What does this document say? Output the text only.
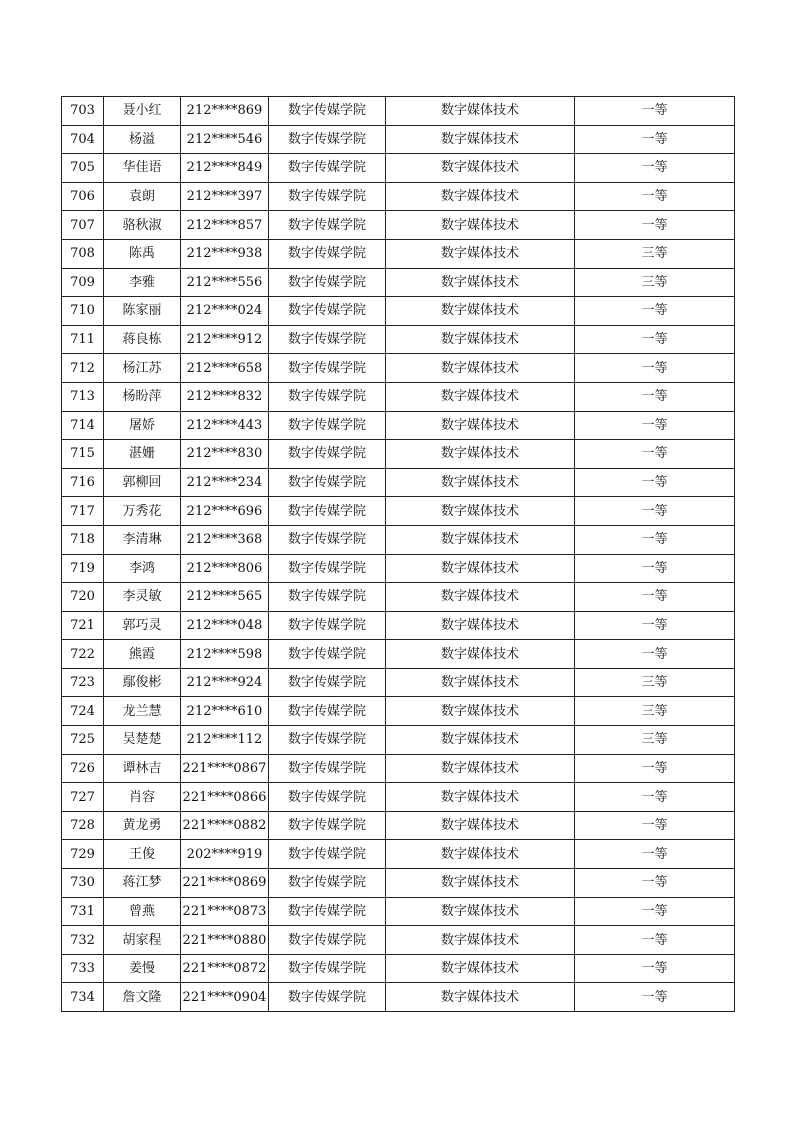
703	聂小红	212****869	数字传媒学院	数字媒体技术	一等
704	杨溢	212****546	数字传媒学院	数字媒体技术	一等
705	华佳语	212****849	数字传媒学院	数字媒体技术	一等
706	袁朗	212****397	数字传媒学院	数字媒体技术	一等
707	骆秋淑	212****857	数字传媒学院	数字媒体技术	一等
708	陈禹	212****938	数字传媒学院	数字媒体技术	三等
709	李雅	212****556	数字传媒学院	数字媒体技术	三等
710	陈家丽	212****024	数字传媒学院	数字媒体技术	一等
711	蒋良栋	212****912	数字传媒学院	数字媒体技术	一等
712	杨江苏	212****658	数字传媒学院	数字媒体技术	一等
713	杨盼萍	212****832	数字传媒学院	数字媒体技术	一等
714	屠娇	212****443	数字传媒学院	数字媒体技术	一等
715	湛姗	212****830	数字传媒学院	数字媒体技术	一等
716	郭柳回	212****234	数字传媒学院	数字媒体技术	一等
717	万秀花	212****696	数字传媒学院	数字媒体技术	一等
718	李清琳	212****368	数字传媒学院	数字媒体技术	一等
719	李鸿	212****806	数字传媒学院	数字媒体技术	一等
720	李灵敏	212****565	数字传媒学院	数字媒体技术	一等
721	郭巧灵	212****048	数字传媒学院	数字媒体技术	一等
722	熊霞	212****598	数字传媒学院	数字媒体技术	一等
723	鄢俊彬	212****924	数字传媒学院	数字媒体技术	三等
724	龙兰慧	212****610	数字传媒学院	数字媒体技术	三等
725	吴楚楚	212****112	数字传媒学院	数字媒体技术	三等
726	谭林吉	221****0867	数字传媒学院	数字媒体技术	一等
727	肖容	221****0866	数字传媒学院	数字媒体技术	一等
728	黄龙勇	221****0882	数字传媒学院	数字媒体技术	一等
729	王俊	202****919	数字传媒学院	数字媒体技术	一等
730	蒋江梦	221****0869	数字传媒学院	数字媒体技术	一等
731	曾燕	221****0873	数字传媒学院	数字媒体技术	一等
732	胡家程	221****0880	数字传媒学院	数字媒体技术	一等
733	姜慢	221****0872	数字传媒学院	数字媒体技术	一等
734	詹文隆	221****0904	数字传媒学院	数字媒体技术	一等
